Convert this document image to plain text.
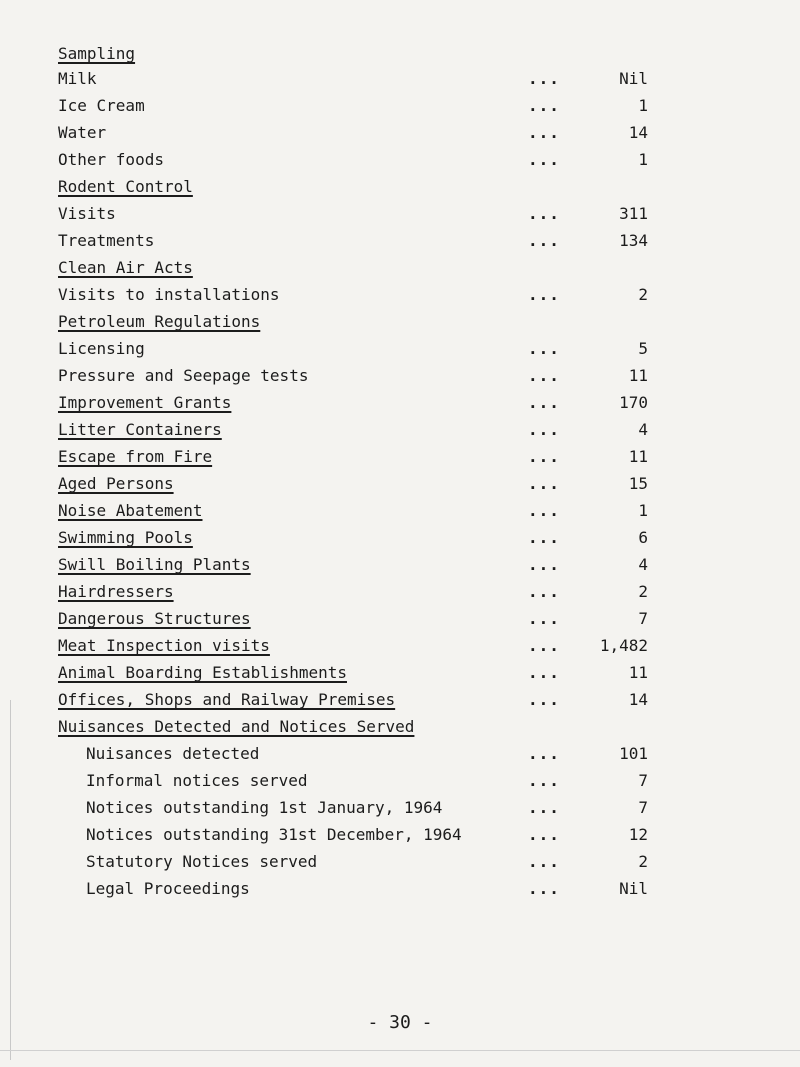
Sampling
Milk	...	Nil
Ice Cream	...	1
Water	...	14
Other foods	...	1
Rodent Control
Visits	...	311
Treatments	...	134
Clean Air Acts
Visits to installations	...	2
Petroleum Regulations
Licensing	...	5
Pressure and Seepage tests	...	11
Improvement Grants	...	170
Litter Containers	...	4
Escape from Fire	...	11
Aged Persons	...	15
Noise Abatement	...	1
Swimming Pools	...	6
Swill Boiling Plants	...	4
Hairdressers	...	2
Dangerous Structures	...	7
Meat Inspection visits	... 1,482
Animal Boarding Establishments	...	11
Offices, Shops and Railway Premises	...	14
Nuisances Detected and Notices Served
Nuisances detected	...	101
Informal notices served	...	7
Notices outstanding 1st January, 1964	...	7
Notices outstanding 31st December, 1964	...	12
Statutory Notices served	...	2
Legal Proceedings	...	Nil
- 30 -
